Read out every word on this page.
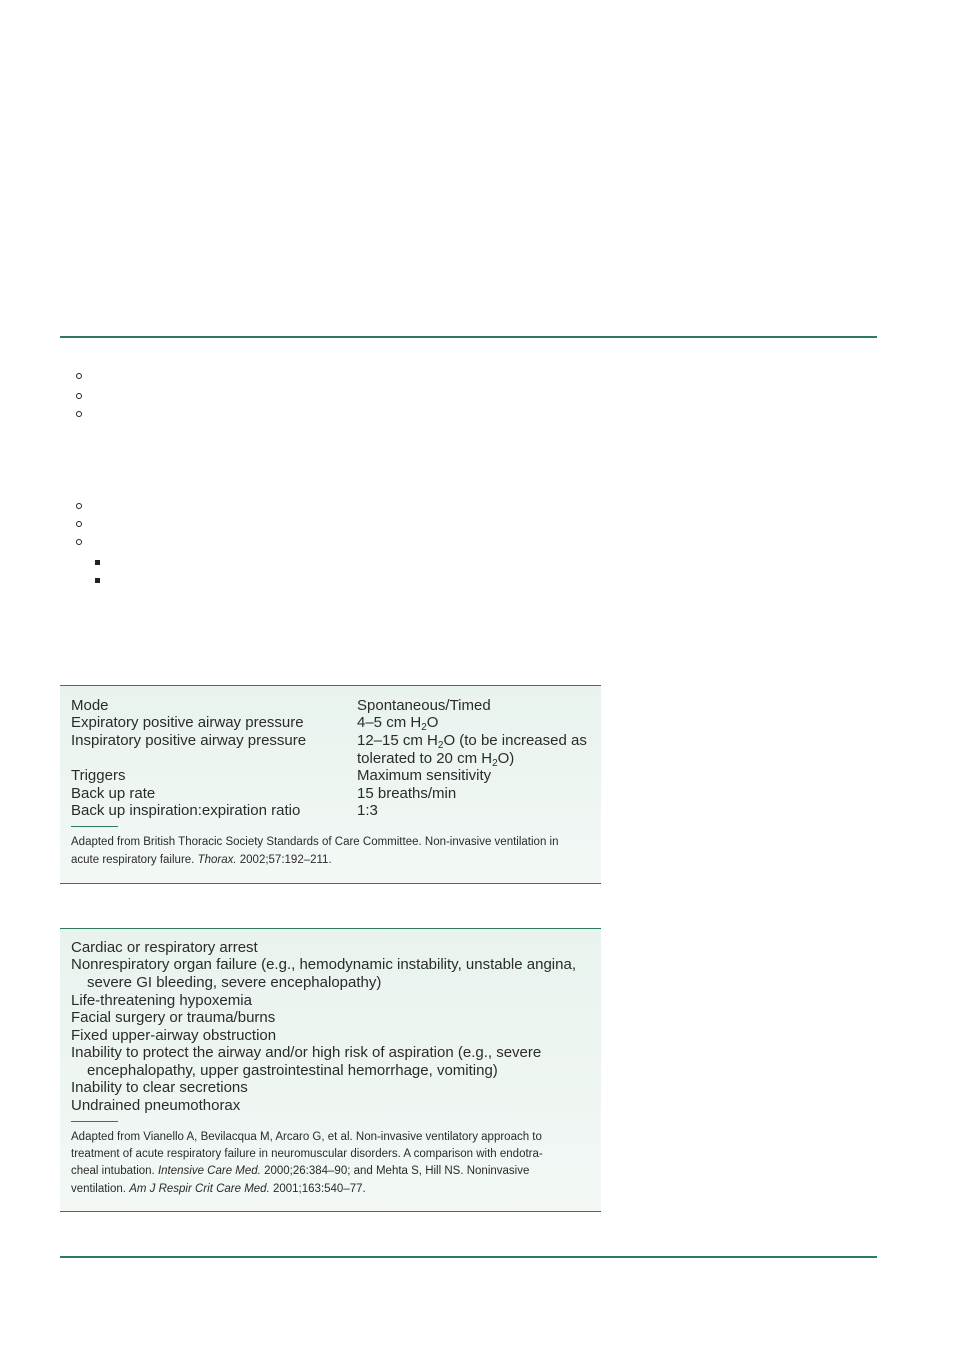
Mode	Spontaneous/Timed
Expiratory positive airway pressure	4–5 cm $H_2O$
Inspiratory positive airway pressure	12–15 cm $H_2O$ (to be increased as
tolerated to 20 cm $H_2O$)
Triggers	Maximum sensitivity
Back up rate	15 breaths/min
Back up inspiration:expiration ratio	1:3
Adapted from British Thoracic Society Standards of Care Committee. Non-invasive ventilation in
acute respiratory failure. Thorax. 2002;57:192–211.
Cardiac or respiratory arrest
Nonrespiratory organ failure (e.g., hemodynamic instability, unstable angina,
severe GI bleeding, severe encephalopathy)
Life-threatening hypoxemia
Facial surgery or trauma/burns
Fixed upper-airway obstruction
Inability to protect the airway and/or high risk of aspiration (e.g., severe
encephalopathy, upper gastrointestinal hemorrhage, vomiting)
Inability to clear secretions
Undrained pneumothorax
Adapted from Vianello A, Bevilacqua M, Arcaro G, et al. Non-invasive ventilatory approach to
treatment of acute respiratory failure in neuromuscular disorders. A comparison with endotra-
cheal intubation. Intensive Care Med. 2000;26:384–90; and Mehta S, Hill NS. Noninvasive
ventilation. Am J Respir Crit Care Med. 2001;163:540–77.
